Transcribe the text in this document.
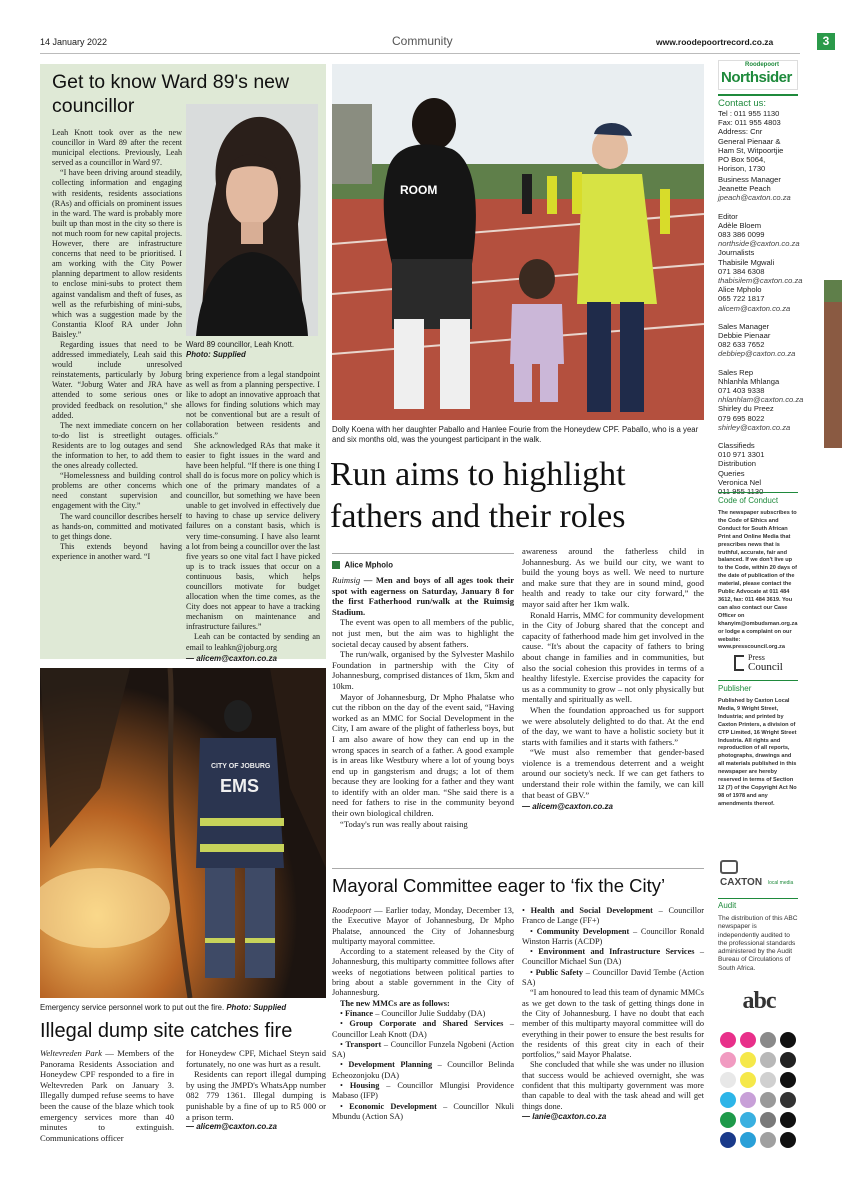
14 January 2022	Community	www.roodepoortrecord.co.za	3
Get to know Ward 89's new councillor

Leah Knott took over as the new councillor in Ward 89 after the recent municipal elections. Previously, Leah served as a councillor in Ward 97.

“I have been driving around steadily, collecting information and engaging with residents, residents associations (RAs) and officials on prominent issues in the ward. The ward is probably more built up than most in the city so there is not much room for new capital projects. However, there are infrastructure concerns that need to be prioritised. I am working with the City Power planning department to allow residents to enclose mini-subs to protect them against vandalism and theft of fuses, as well as the refurbishing of mini-subs, which was a suggestion made by the Constantia Kloof RA under John Baisley.”

Regarding issues that need to be addressed immediately, Leah said this would include unresolved reinstatements, particularly by Joburg Water. “Joburg Water and JRA have attended to some serious ones or provided feedback on resolution,” she added.

The next immediate concern on her to-do list is streetlight outages. Residents are to log outages and send the information to her, to add them to the ones already collected.

“Homelessness and building control problems are other concerns which need constant supervision and engagement with the City.”

The ward councillor describes herself as hands-on, committed and motivated to get things done.

This extends beyond having experience in another ward. “I

Ward 89 councillor, Leah Knott.
Photo: Supplied

bring experience from a legal standpoint as well as from a planning perspective. I like to adopt an innovative approach that allows for finding solutions which may not be conventional but are a result of collaboration between residents and officials.”

She acknowledged RAs that make it easier to fight issues in the ward and have been helpful. “If there is one thing I shall do is focus more on policy which is one of the primary mandates of a councillor, but something we have been unable to get involved in effectively due to having to chase up service delivery failures on a constant basis, which is very time-consuming. I have also learnt a lot from being a councillor over the last five years so one vital fact I have picked up is to track issues that occur on a continuous basis, which helps councillors motivate for budget allocation when the time comes, as the City does not appear to have a tracking mechanism on maintenance and infrastructure failures.”

Leah can be contacted by sending an email to leahkn@joburg.org

— alicem@caxton.co.za

ROOM
Dolly Koena with her daughter Paballo and Hanlee Fourie from the Honeydew CPF. Paballo, who is a year and six months old, was the youngest participant in the walk.
Run aims to highlight fathers and their roles
Alice Mpholo

Ruimsig — Men and boys of all ages took their spot with eagerness on Saturday, January 8 for the first Fatherhood run/walk at the Ruimsig Stadium.

The event was open to all members of the public, not just men, but the aim was to highlight the societal decay caused by absent fathers.

The run/walk, organised by the Sylvester Mashilo Foundation in partnership with the City of Johannesburg, comprised distances of 1km, 5km and 10km.

Mayor of Johannesburg, Dr Mpho Phalatse who cut the ribbon on the day of the event said, “Having worked as an MMC for Social Development in the City, I am aware of the plight of fatherless boys, but I am also aware of how they can end up in the wrong spaces in search of a father. A good example is in areas like Westbury where a lot of young boys end up in gangsterism and drugs; a lot of them because they are looking for a father and they want to identify with an older man. “She said there is a need for fathers to rise in the community beyond their own biological children.

“Today's run was really about raising

awareness around the fatherless child in Johannesburg. As we build our city, we want to build the young boys as well. We need to nurture and make sure that they are in sound mind, good health and ready to take our city forward,” the mayor said after her 1km walk.

Ronald Harris, MMC for community development in the City of Joburg shared that the concept and capacity of fatherhood made him get involved in the cause. “It's about the capacity of fathers to bring about change in families and in communities, but also the social cohesion this provides in terms of a healthy lifestyle. Exercise provides the capacity for us as a community to grow – not only physically but mentally and spiritually as well.

When the foundation approached us for support we were absolutely delighted to do that. At the end of the day, we want to have a holistic society but it starts with families and it starts with fathers.”

“We must also remember that gender-based violence is a tremendous deterrent and a weight around our society's neck. If we can get fathers to understand their role within the family, we can kill that beast of GBV.”

— alicem@caxton.co.za

CITY OF JOBURG
EMS
Emergency service personnel work to put out the fire. Photo: Supplied
Illegal dump site catches fire

Weltevreden Park — Members of the Panorama Residents Association and Honeydew CPF responded to a fire in Weltevreden Park on January 3. Illegally dumped refuse seems to have been the cause of the blaze which took emergency services more than 40 minutes to extinguish. Communications officer

for Honeydew CPF, Michael Steyn said fortunately, no one was hurt as a result.

Residents can report illegal dumping by using the JMPD's WhatsApp number 082 779 1361. Illegal dumping is punishable by a fine of up to R5 000 or a prison term.

— alicem@caxton.co.za

Mayoral Committee eager to ‘fix the City’

Roodepoort — Earlier today, Monday, December 13, the Executive Mayor of Johannesburg, Dr Mpho Phalatse, announced the City of Johannesburg multiparty mayoral committee.

According to a statement released by the City of Johannesburg, this multiparty committee follows after weeks of negotiations between political parties to bring about a stable government in the City of Johannesburg.

The new MMCs are as follows:

• Finance – Councillor Julie Suddaby (DA)

• Group Corporate and Shared Services – Councillor Leah Knott (DA)

• Transport – Councillor Funzela Ngobeni (Action SA)

• Development Planning – Councillor Belinda Echeozonjoku (DA)

• Housing – Councillor Mlungisi Providence Mabaso (IFP)

• Economic Development – Councillor Nkuli Mbundu (Action SA)

• Health and Social Development – Councillor Franco de Lange (FF+)

• Community Development – Councillor Ronald Winston Harris (ACDP)

• Environment and Infrastructure Services – Councillor Michael Sun (DA)

• Public Safety – Councillor David Tembe (Action SA)

“I am honoured to lead this team of dynamic MMCs as we get down to the task of getting things done in the City of Johannesburg. I have no doubt that each member of this multiparty mayoral committee will do everything in their power to ensure the best results for the residents of this great city in each of their portfolios,” said Mayor Phalatse.

She concluded that while she was under no illusion that success would be achieved overnight, she was confident that this multiparty government was more than capable to deal with the task ahead and will get things done.

— lanie@caxton.co.za

Roodepoort
Northsider
Contact us:
Tel : 011 955 1130
Fax: 011 955 4803
Address: Cnr
General Pienaar &
Ham St, Witpoortjie
PO Box 5064,
Horison, 1730
Business Manager
Jeanette Peach
jpeach@caxton.co.za
Editor
Adèle Bloem
083 386 0099
northside@caxton.co.za
Journalists
Thabisile Mgwali
071 384 6308
thabisilem@caxton.co.za
Alice Mpholo
065 722 1817
alicem@caxton.co.za
Sales Manager
Debbie Pienaar
082 633 7652
debbiep@caxton.co.za
Sales Rep
Nhlanhla Mhlanga
071 403 9338
nhlanhlam@caxton.co.za
Shirley du Preez
079 695 8022
shirley@caxton.co.za
Classifieds
010 971 3301
Distribution
Queries
Veronica Nel
011 955 1130
Code of Conduct
The newspaper subscribes to the Code of Ethics and Conduct for South African Print and Online Media that prescribes news that is truthful, accurate, fair and balanced. If we don't live up to the Code, within 20 days of the date of publication of the material, please contact the Public Advocate at 011 484 3612, fax: 011 484 3619. You can also contact our Case Officer on khanyim@ombudsman.org.za or lodge a complaint on our website: www.presscouncil.org.za
Press
Council
Publisher
Published by Caxton Local Media, 9 Wright Street, Industria; and printed by Caxton Printers, a division of CTP Limited, 16 Wright Street Industria. All rights and reproduction of all reports, photographs, drawings and all materials published in this newspaper are hereby reserved in terms of Section 12 (7) of the Copyright Act No 98 of 1978 and any amendments thereof.
CAXTON local media
Audit
The distribution of this ABC newspaper is independently audited to the professional standards administered by the Audit Bureau of Circulations of South Africa.
abc
